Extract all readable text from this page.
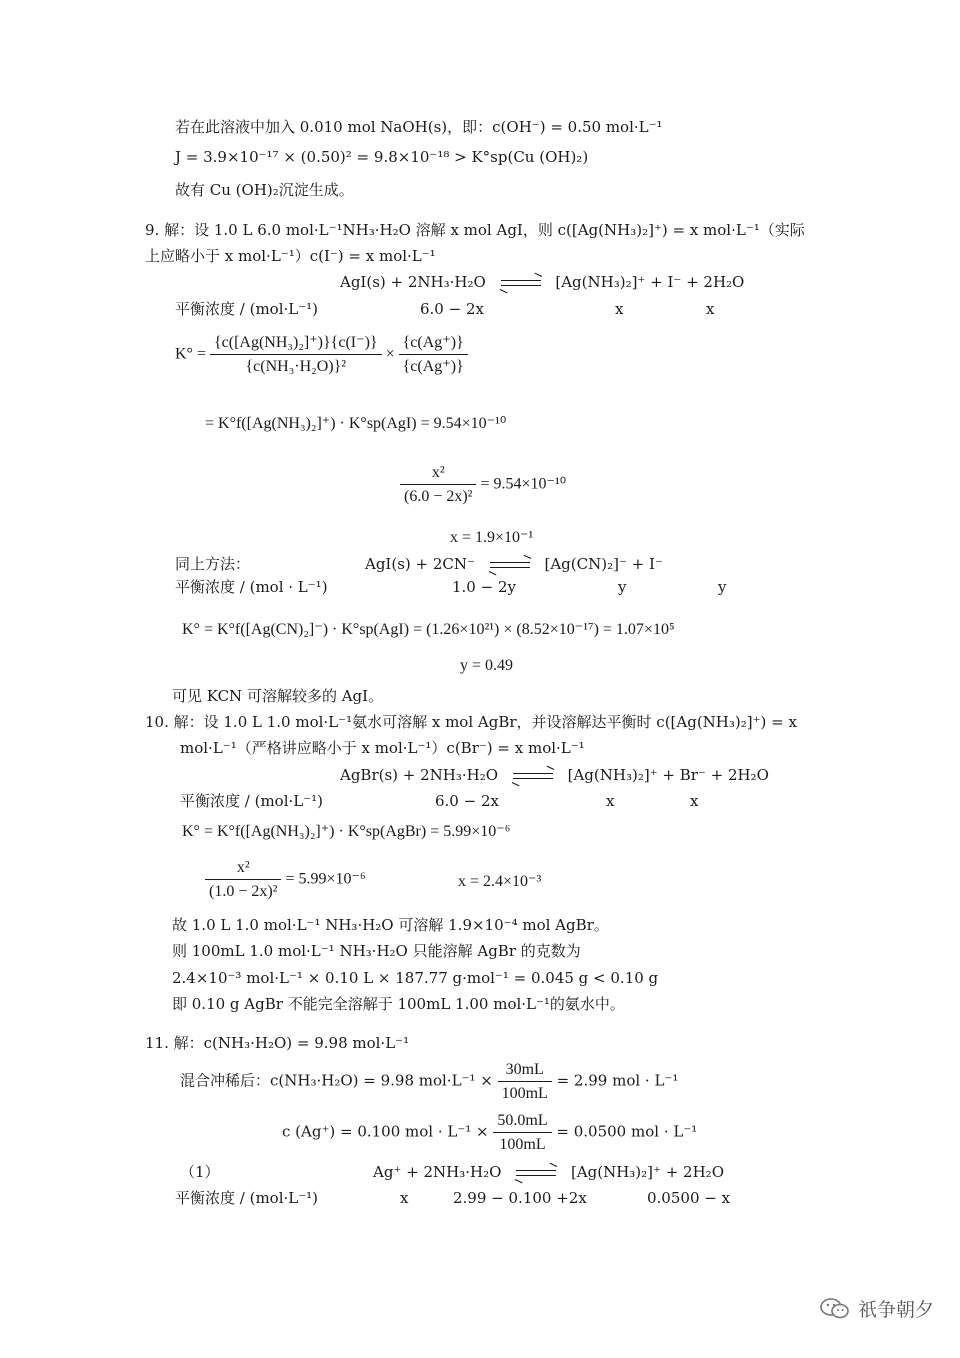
若在此溶液中加入 0.010 mol NaOH(s)，即：c(OH⁻) = 0.50 mol·L⁻¹
J = 3.9×10⁻¹⁷ × (0.50)² = 9.8×10⁻¹⁸ > K°sp(Cu (OH)₂)
故有 Cu (OH)₂沉淀生成。
9. 解：设 1.0 L 6.0 mol·L⁻¹NH₃·H₂O 溶解 x mol AgI，则 c([Ag(NH₃)₂]⁺) = x mol·L⁻¹（实际
上应略小于 x mol·L⁻¹）c(I⁻) = x mol·L⁻¹
AgI(s) + 2NH₃·H₂O	[Ag(NH₃)₂]⁺ + I⁻ + 2H₂O
平衡浓度 / (mol·L⁻¹)	6.0 − 2x	x	x
$K^\circ = \frac{\text{\{c([Ag(NH₃)₂]⁺)\}\{c(I⁻)\}}}{\text{\{c(NH₃·H₂O)\}²}} \times \frac{\{c(Ag^+)\}}{\{c(Ag^+)\}}$
= K°f([Ag(NH₃)₂]⁺) · K°sp(AgI) = 9.54×10⁻¹⁰
$\frac{\text{x²}}{\text{(6.0 − 2x)²}} = 9.54\times 10^{-10}$
x = 1.9×10⁻¹
同上方法：	AgI(s) + 2CN⁻	[Ag(CN)₂]⁻ + I⁻
平衡浓度 / (mol · L⁻¹)	1.0 − 2y	y	y
K° = K°f([Ag(CN)₂]⁻) · K°sp(AgI) = (1.26×10²¹) × (8.52×10⁻¹⁷) = 1.07×10⁵
y = 0.49
可见 KCN 可溶解较多的 AgI。
10. 解：设 1.0 L 1.0 mol·L⁻¹氨水可溶解 x mol AgBr，并设溶解达平衡时 c([Ag(NH₃)₂]⁺) = x
mol·L⁻¹（严格讲应略小于 x mol·L⁻¹）c(Br⁻) = x mol·L⁻¹
AgBr(s) + 2NH₃·H₂O	[Ag(NH₃)₂]⁺ + Br⁻ + 2H₂O
平衡浓度 / (mol·L⁻¹)	6.0 − 2x	x	x
K° = K°f([Ag(NH₃)₂]⁺) · K°sp(AgBr) = 5.99×10⁻⁶
$\frac{\text{x²}}{\text{(1.0 − 2x)²}} = 5.99\times 10^{-6}$	x = 2.4×10⁻³
故 1.0 L 1.0 mol·L⁻¹ NH₃·H₂O 可溶解 1.9×10⁻⁴ mol AgBr。
则 100mL 1.0 mol·L⁻¹ NH₃·H₂O 只能溶解 AgBr 的克数为
2.4×10⁻³ mol·L⁻¹ × 0.10 L × 187.77 g·mol⁻¹ = 0.045 g < 0.10 g
即 0.10 g AgBr 不能完全溶解于 100mL 1.00 mol·L⁻¹的氨水中。
11. 解：c(NH₃·H₂O) = 9.98 mol·L⁻¹
混合冲稀后：c(NH₃·H₂O) = 9.98 $mol\cdot L^{-1} \times \frac{30mL}{100mL} = 2.99$ mol · L⁻¹
c (Ag⁺) = 0.100 mol · $L^{-1} \times \frac{50.0mL}{100mL} = 0.0500$ mol · L⁻¹
（1）	Ag⁺ + 2NH₃·H₂O	[Ag(NH₃)₂]⁺ + 2H₂O
平衡浓度 / (mol·L⁻¹)	x	2.99 − 0.100 +2x	0.0500 − x
祇争朝夕
